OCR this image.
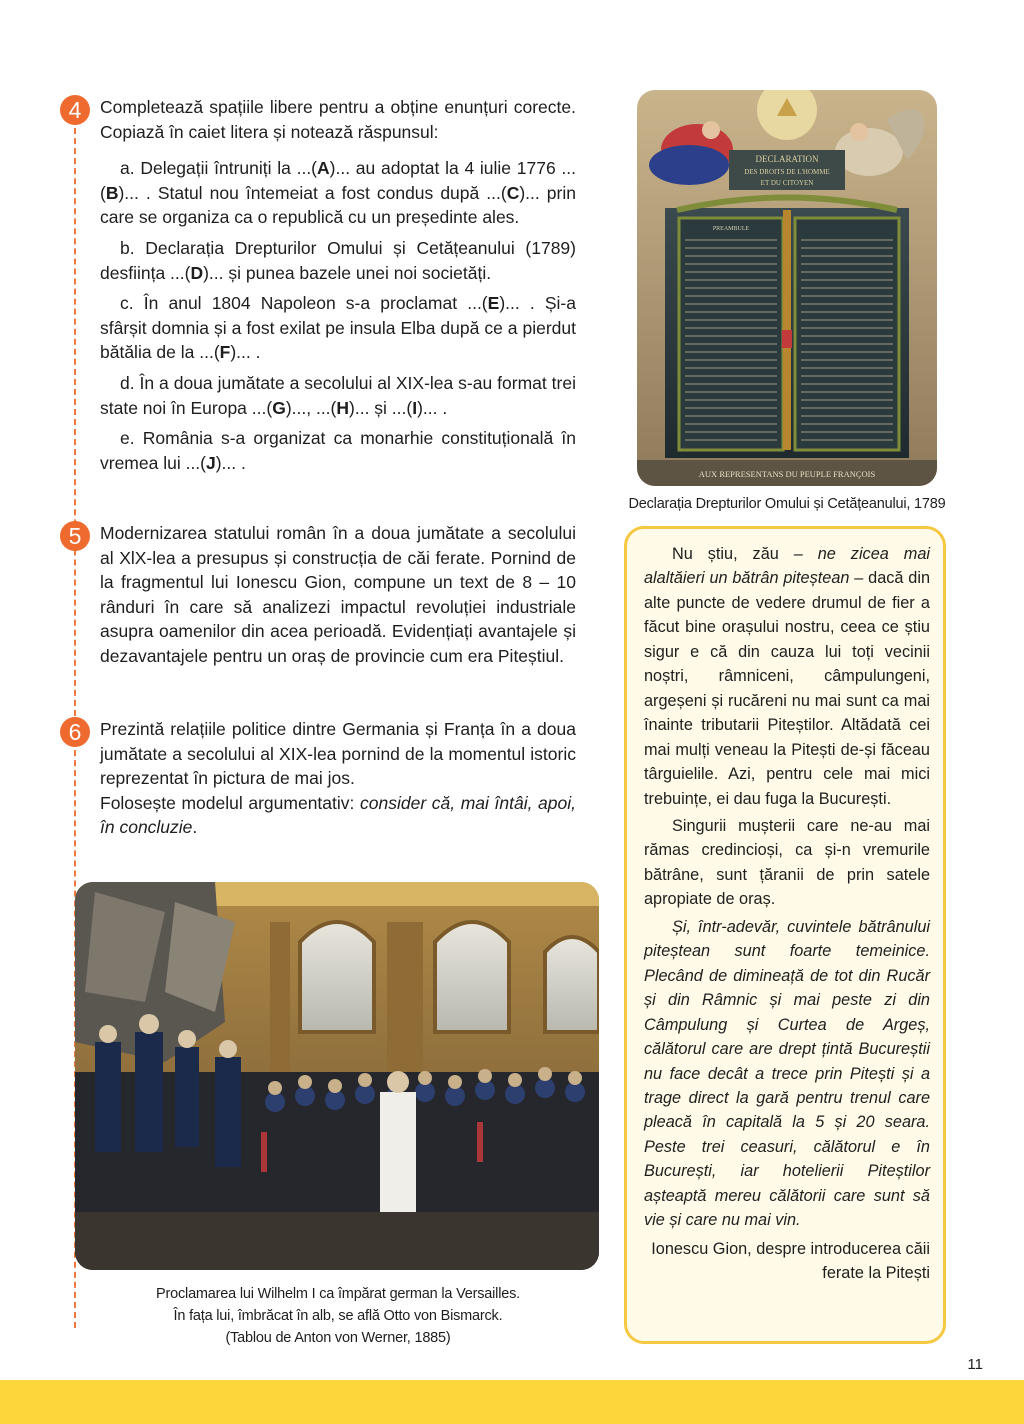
4	Completează spațiile libere pentru a obține enunțuri corecte. Copiază în caiet litera și notează răspunsul:

a. Delegații întruniți la ...(A)... au adoptat la 4 iulie 1776 ...(B)... . Statul nou întemeiat a fost condus după ...(C)... prin care se organiza ca o republică cu un președinte ales.

b. Declarația Drepturilor Omului și Cetățeanului (1789) desființa ...(D)... și punea bazele unei noi societăți.

c. În anul 1804 Napoleon s-a proclamat ...(E)... . Și-a sfârșit domnia și a fost exilat pe insula Elba după ce a pierdut bătălia de la ...(F)... .

d. În a doua jumătate a secolului al XIX-lea s-au format trei state noi în Europa ...(G)..., ...(H)... și ...(I)... .

e. România s-a organizat ca monarhie constituțională în vremea lui ...(J)... .

5	Modernizarea statului român în a doua jumătate a secolului al XlX-lea a presupus și construcția de căi ferate. Pornind de la fragmentul lui Ionescu Gion, compune un text de 8 – 10 rânduri în care să analizezi impactul revoluției industriale asupra oamenilor din acea perioadă. Evidențiați avantajele și dezavantajele pentru un oraș de provincie cum era Piteștiul.

6	Prezintă relațiile politice dintre Germania și Franța în a doua jumătate a secolului al XIX-lea pornind de la momentul istoric reprezentat în pictura de mai jos.
Folosește modelul argumentativ: consider că, mai întâi, apoi, în concluzie.

DECLARATION
DES DROITS DE L'HOMME
ET DU CITOYEN
PREAMBULE
AUX REPRESENTANS DU PEUPLE FRANÇOIS
Declarația Drepturilor Omului și Cetățeanului, 1789
Proclamarea lui Wilhelm I ca împărat german la Versailles.
În fața lui, îmbrăcat în alb, se află Otto von Bismarck.
(Tablou de Anton von Werner, 1885)

Nu știu, zău – ne zicea mai alaltăieri un bătrân piteștean – dacă din alte puncte de vedere drumul de fier a făcut bine orașului nostru, ceea ce știu sigur e că din cauza lui toți vecinii noștri, râmniceni, câmpulungeni, argeșeni și rucăreni nu mai sunt ca mai înainte tributarii Piteștilor. Altădată cei mai mulți veneau la Pitești de-și făceau târguielile. Azi, pentru cele mai mici trebuințe, ei dau fuga la București.

Singurii mușterii care ne-au mai rămas credincioși, ca și-n vremurile bătrâne, sunt țăranii de prin satele apropiate de oraș.

Și, într-adevăr, cuvintele bătrânului piteștean sunt foarte temeinice. Plecând de dimineață de tot din Rucăr și din Râmnic și mai peste zi din Câmpulung și Curtea de Argeș, călătorul care are drept țintă Bucureștii nu face decât a trece prin Pitești și a trage direct la gară pentru trenul care pleacă în capitală la 5 și 20 seara. Peste trei ceasuri, călătorul e în București, iar hotelierii Piteștilor așteaptă mereu călătorii care sunt să vie și care nu mai vin.

Ionescu Gion, despre introducerea căii ferate la Pitești

11
